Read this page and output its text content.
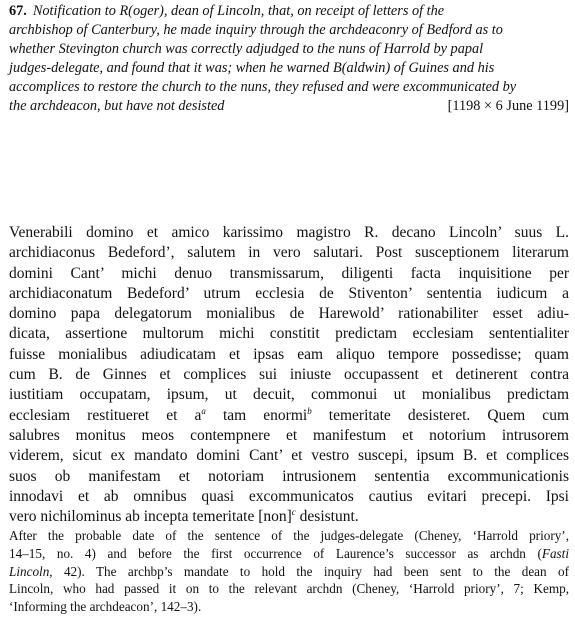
67. Notification to R(oger), dean of Lincoln, that, on receipt of letters of the
archbishop of Canterbury, he made inquiry through the archdeaconry of Bedford as to
whether Stevington church was correctly adjudged to the nuns of Harrold by papal
judges-delegate, and found that it was; when he warned B(aldwin) of Guines and his
accomplices to restore the church to the nuns, they refused and were excommunicated by
the archdeacon, but have not desisted	[1198 × 6 June 1199]
Venerabili domino et amico karissimo magistro R. decano Lincoln’ suus L.
archidiaconus Bedeford’, salutem in vero salutari. Post susceptionem literarum
domini Cant’ michi denuo transmissarum, diligenti facta inquisitione per
archidiaconatum Bedeford’ utrum ecclesia de Stiventon’ sententia iudicum a
domino papa delegatorum monialibus de Harewold’ rationabiliter esset adiu-
dicata, assertione multorum michi constitit predictam ecclesiam sententialiter
fuisse monialibus adiudicatam et ipsas eam aliquo tempore possedisse; quam
cum B. de Ginnes et complices sui iniuste occupassent et detinerent contra
iustitiam occupatam, ipsum, ut decuit, commonui ut monialibus predictam
ecclesiam restitueret et $a^a$ tam enormi$^b$ temeritate desisteret. Quem cum
salubres monitus meos contempnere et manifestum et notorium intrusorem
viderem, sicut ex mandato domini Cant’ et vestro suscepi, ipsum B. et complices
suos ob manifestam et notoriam intrusionem sententia excommunicationis
innodavi et ab omnibus quasi excommunicatos cautius evitari precepi. Ipsi
vero nichilominus ab incepta temeritate [non]$^c$ desistunt.
After the probable date of the sentence of the judges-delegate (Cheney, ‘Harrold priory’,
14–15, no. 4) and before the first occurrence of Laurence’s successor as archdn (Fasti
Lincoln, 42). The archbp’s mandate to hold the inquiry had been sent to the dean of
Lincoln, who had passed it on to the relevant archdn (Cheney, ‘Harrold priory’, 7; Kemp,
‘Informing the archdeacon’, 142–3).
